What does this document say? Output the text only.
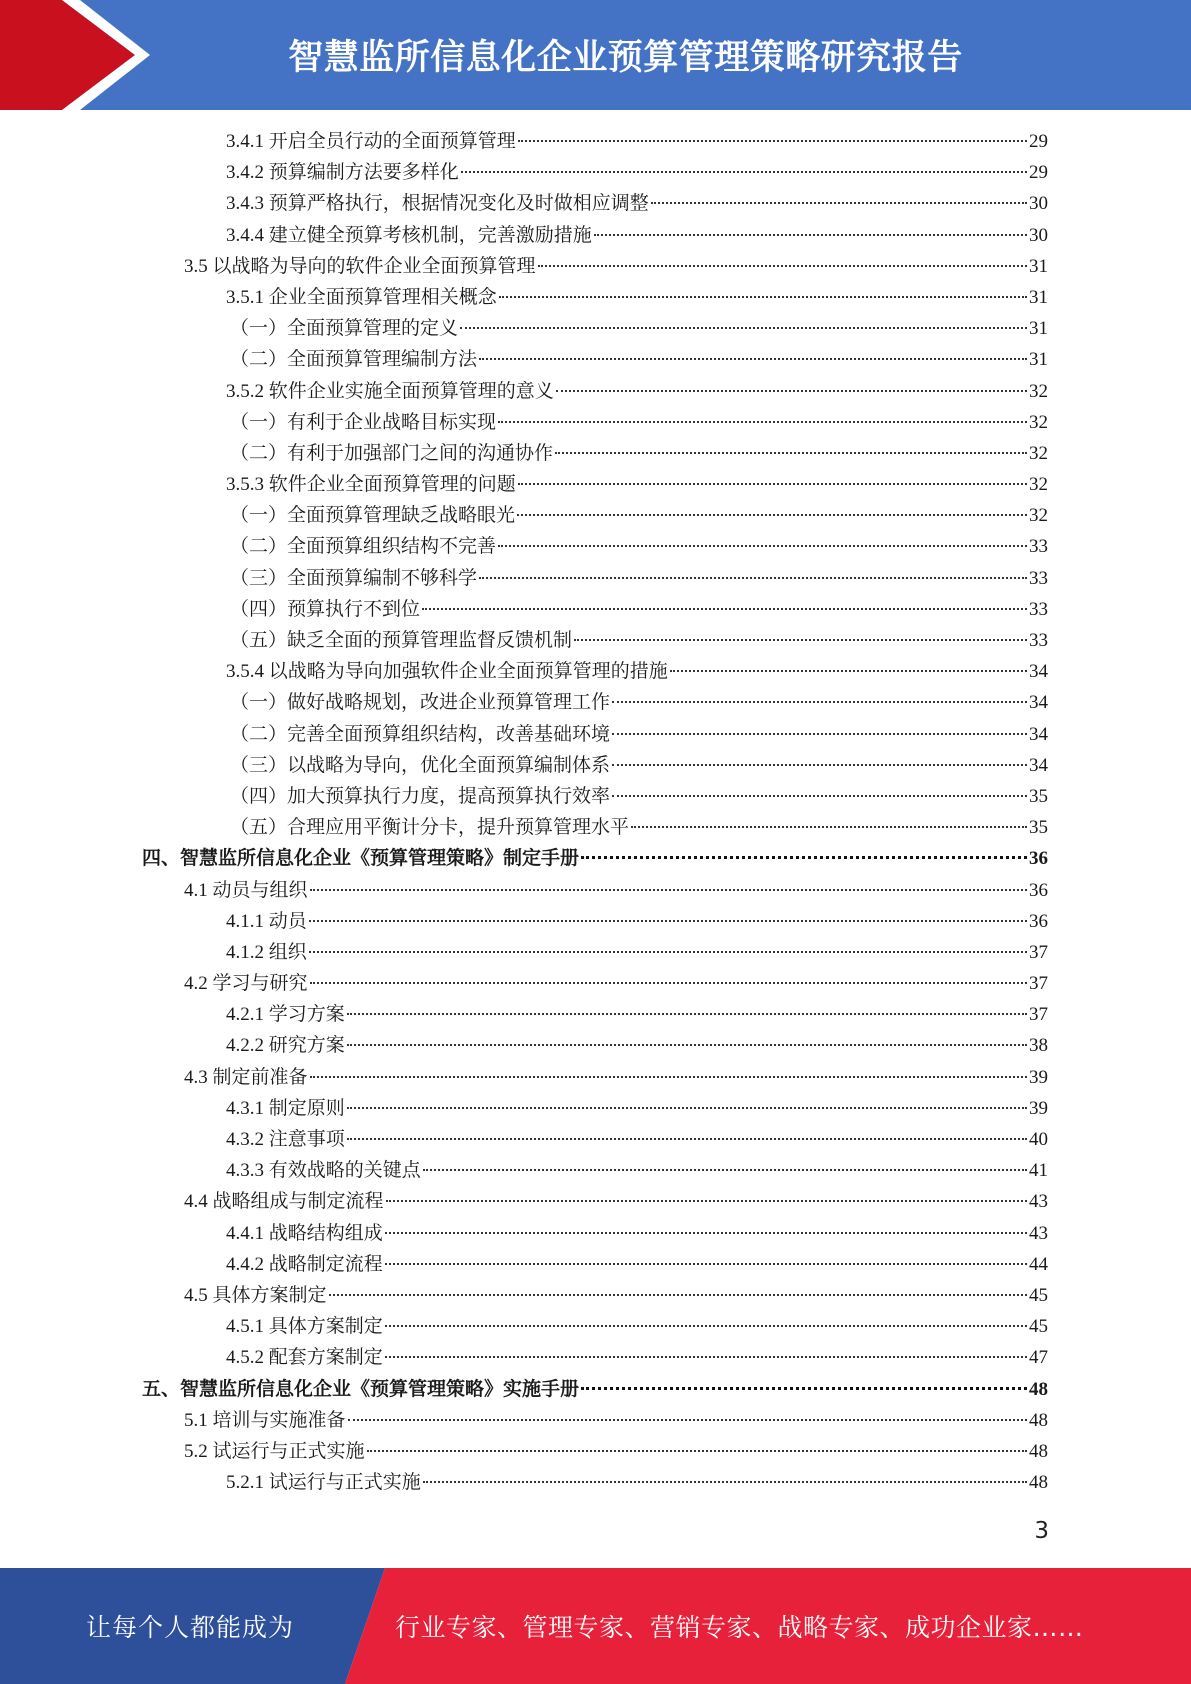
智慧监所信息化企业预算管理策略研究报告
3.4.1 开启全员行动的全面预算管理	29
3.4.2 预算编制方法要多样化	29
3.4.3 预算严格执行，根据情况变化及时做相应调整	30
3.4.4 建立健全预算考核机制，完善激励措施	30
3.5 以战略为导向的软件企业全面预算管理	31
3.5.1 企业全面预算管理相关概念	31
（一）全面预算管理的定义	31
（二）全面预算管理编制方法	31
3.5.2 软件企业实施全面预算管理的意义	32
（一）有利于企业战略目标实现	32
（二）有利于加强部门之间的沟通协作	32
3.5.3 软件企业全面预算管理的问题	32
（一）全面预算管理缺乏战略眼光	32
（二）全面预算组织结构不完善	33
（三）全面预算编制不够科学	33
（四）预算执行不到位	33
（五）缺乏全面的预算管理监督反馈机制	33
3.5.4 以战略为导向加强软件企业全面预算管理的措施	34
（一）做好战略规划，改进企业预算管理工作	34
（二）完善全面预算组织结构，改善基础环境	34
（三）以战略为导向，优化全面预算编制体系	34
（四）加大预算执行力度，提高预算执行效率	35
（五）合理应用平衡计分卡，提升预算管理水平	35
四、智慧监所信息化企业《预算管理策略》制定手册	36
4.1 动员与组织	36
4.1.1 动员	36
4.1.2 组织	37
4.2 学习与研究	37
4.2.1 学习方案	37
4.2.2 研究方案	38
4.3 制定前准备	39
4.3.1 制定原则	39
4.3.2 注意事项	40
4.3.3 有效战略的关键点	41
4.4 战略组成与制定流程	43
4.4.1 战略结构组成	43
4.4.2 战略制定流程	44
4.5 具体方案制定	45
4.5.1 具体方案制定	45
4.5.2 配套方案制定	47
五、智慧监所信息化企业《预算管理策略》实施手册	48
5.1 培训与实施准备	48
5.2 试运行与正式实施	48
5.2.1 试运行与正式实施	48
3
让每个人都能成为	行业专家、管理专家、营销专家、战略专家、成功企业家……
